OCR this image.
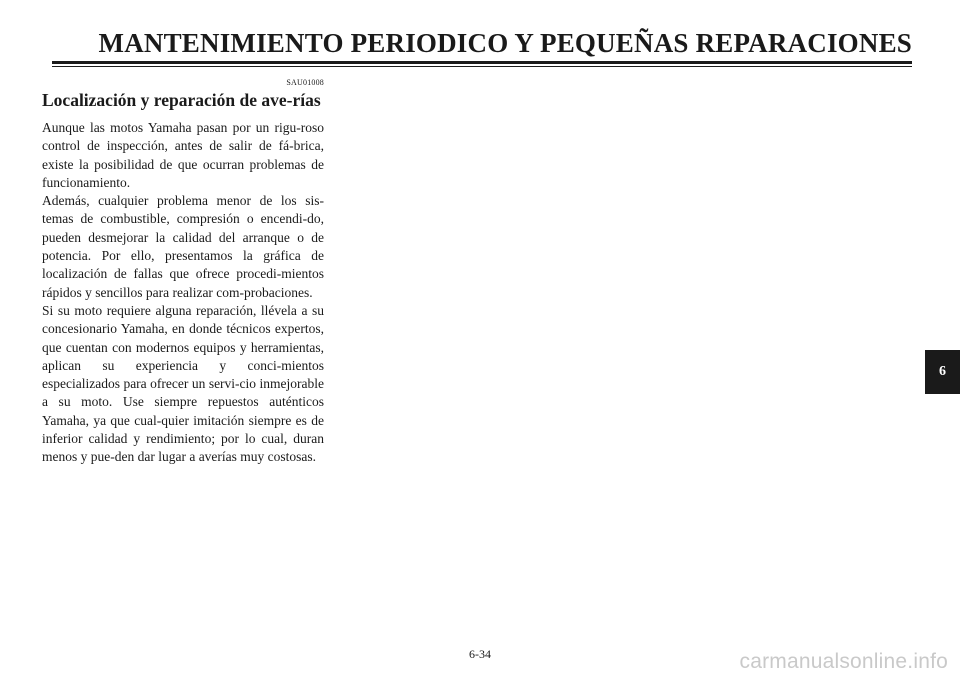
MANTENIMIENTO PERIODICO Y PEQUEÑAS REPARACIONES

SAU01008

Localización y reparación de ave-rías

Aunque las motos Yamaha pasan por un rigu-roso control de inspección, antes de salir de fá-brica, existe la posibilidad de que ocurran problemas de funcionamiento.

Además, cualquier problema menor de los sis-temas de combustible, compresión o encendi-do, pueden desmejorar la calidad del arranque o de potencia. Por ello, presentamos la gráfica de localización de fallas que ofrece procedi-mientos rápidos y sencillos para realizar com-probaciones.

Si su moto requiere alguna reparación, llévela a su concesionario Yamaha, en donde técnicos expertos, que cuentan con modernos equipos y herramientas, aplican su experiencia y conci-mientos especializados para ofrecer un servi-cio inmejorable a su moto. Use siempre repuestos auténticos Yamaha, ya que cual-quier imitación siempre es de inferior calidad y rendimiento; por lo cual, duran menos y pue-den dar lugar a averías muy costosas.

6
6-34	carmanualsonline.info
